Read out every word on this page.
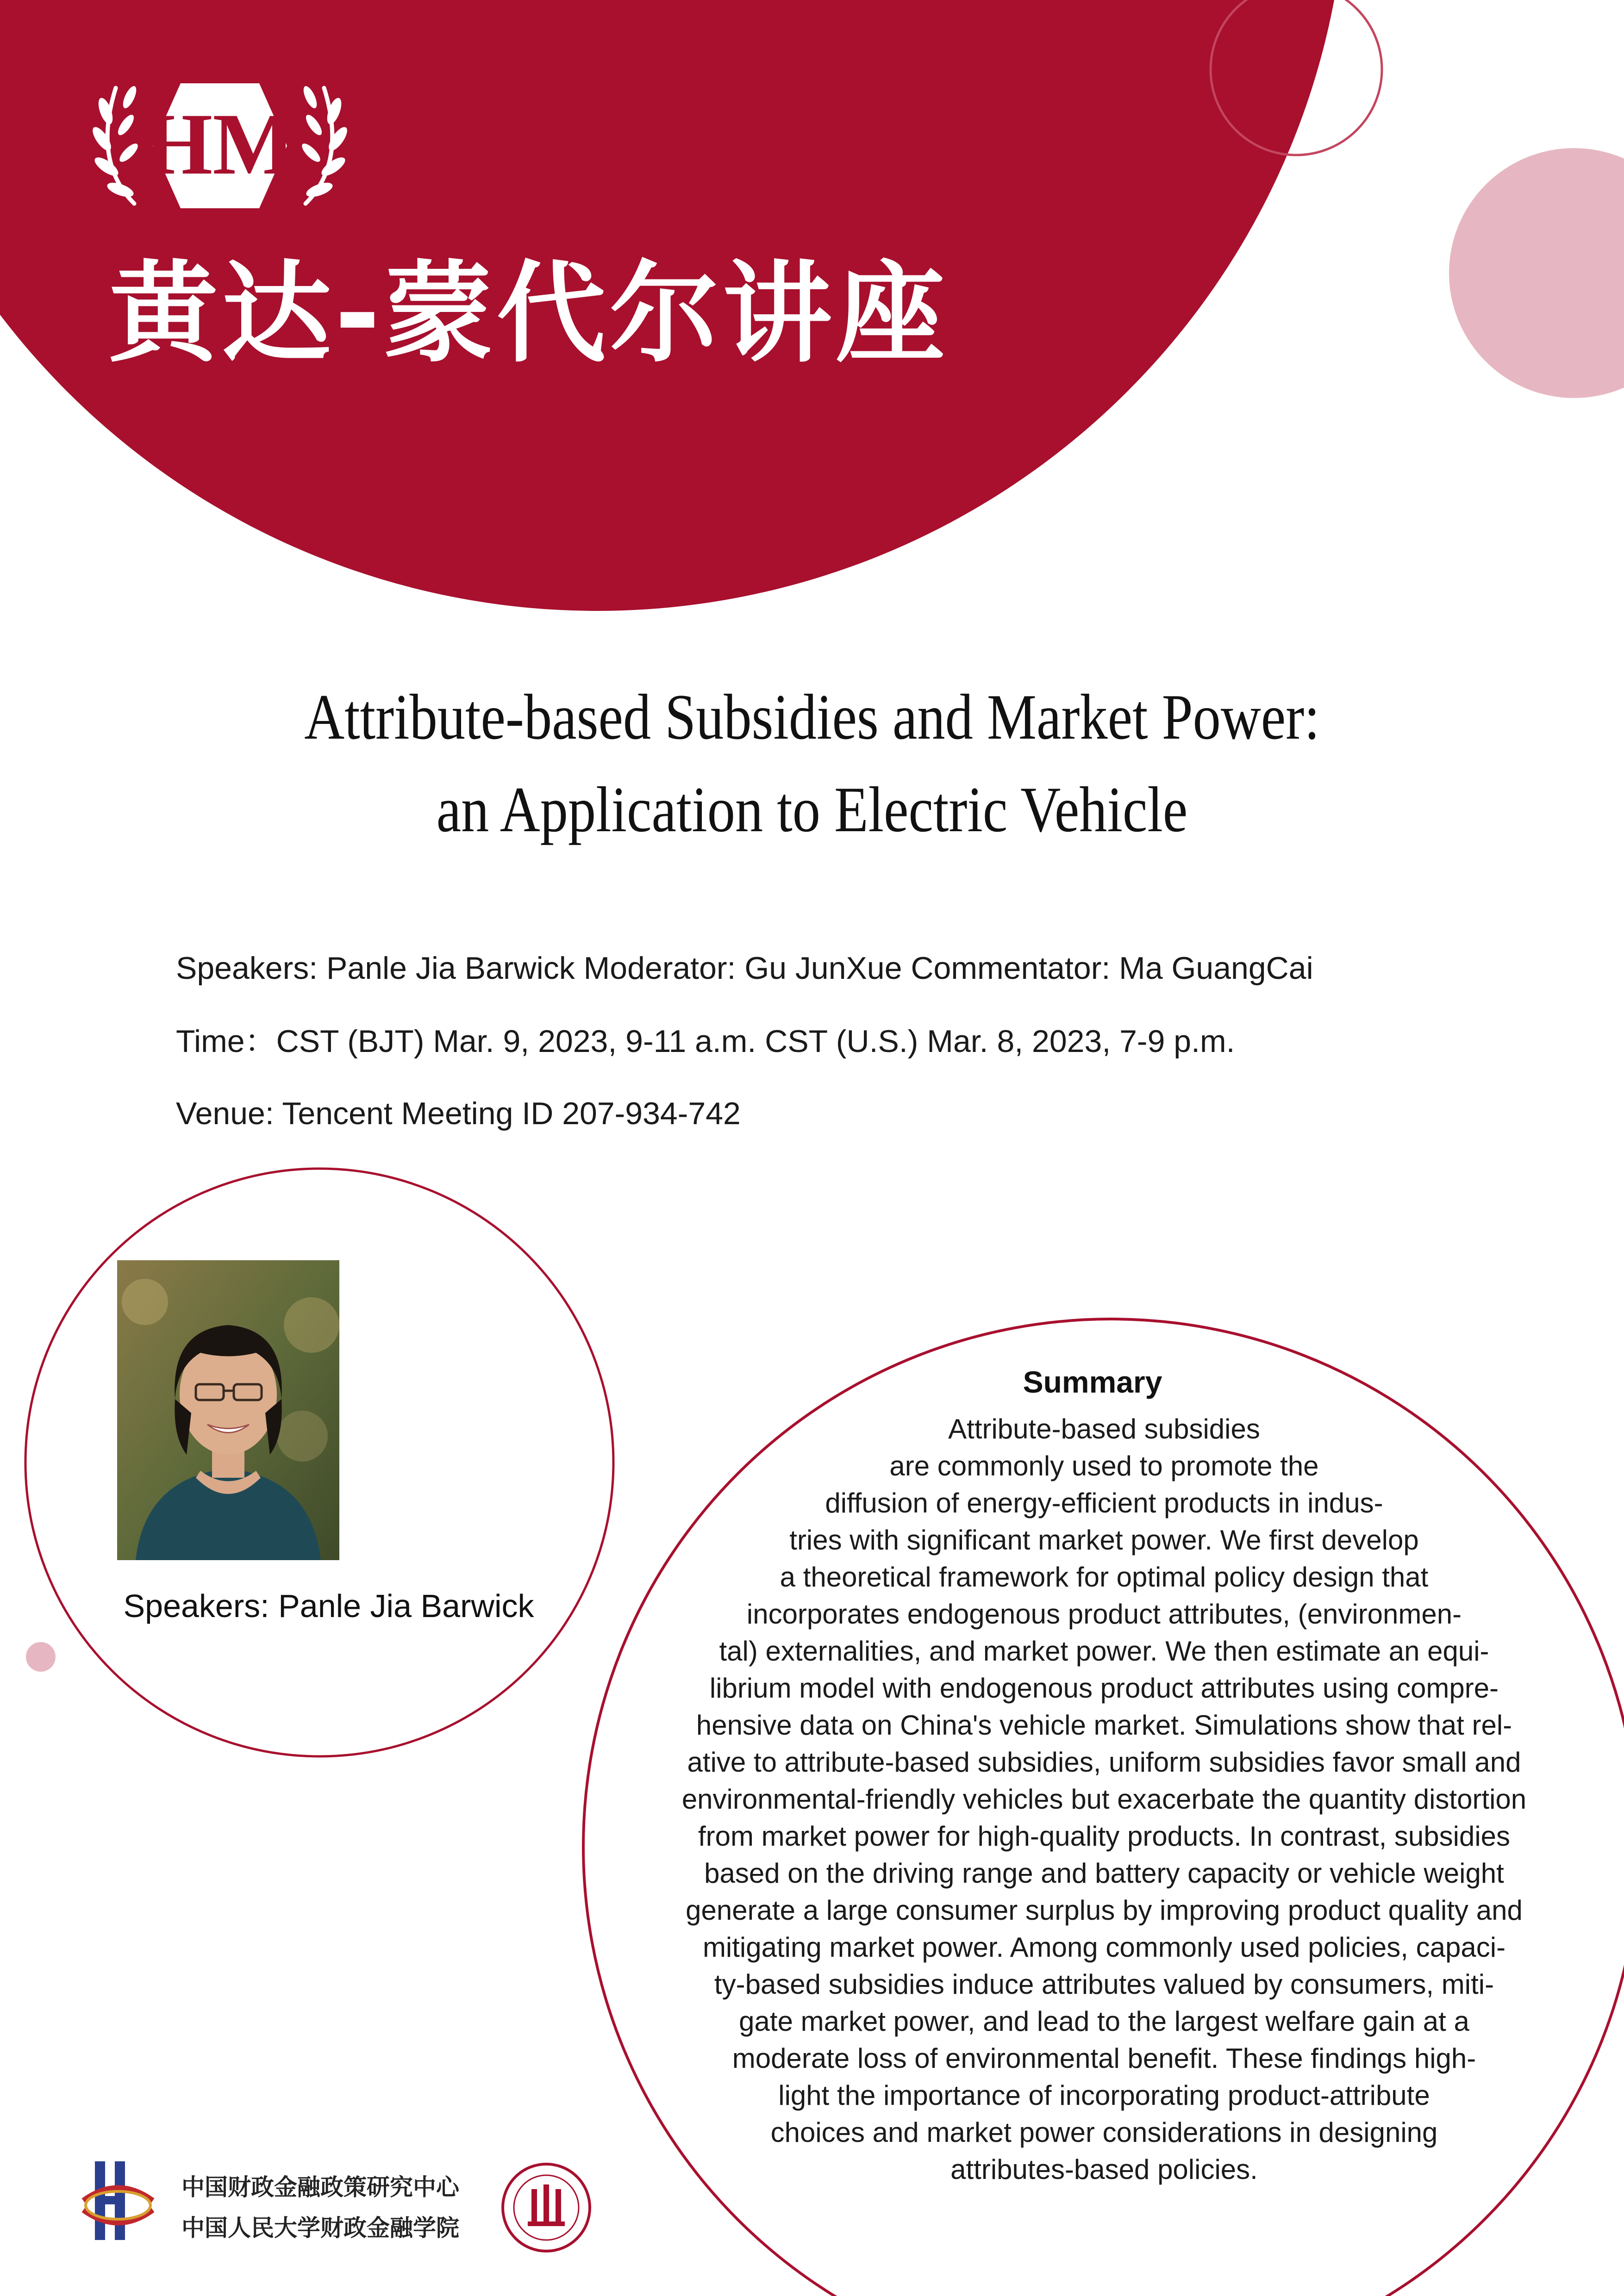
HM
黄达-蒙代尔讲座
Attribute-based Subsidies and Market Power:
an Application to Electric Vehicle
Speakers: Panle Jia Barwick Moderator: Gu JunXue Commentator: Ma GuangCai
Time：CST (BJT) Mar. 9, 2023, 9-11 a.m. CST (U.S.) Mar. 8, 2023, 7-9 p.m.
Venue: Tencent Meeting ID 207-934-742
Speakers: Panle Jia Barwick
Summary
Attribute-based subsidies
are commonly used to promote the
diffusion of energy-efficient products in indus-
tries with significant market power. We first develop
a theoretical framework for optimal policy design that
incorporates endogenous product attributes, (environmen-
tal) externalities, and market power. We then estimate an equi-
librium model with endogenous product attributes using compre-
hensive data on China's vehicle market. Simulations show that rel-
ative to attribute-based subsidies, uniform subsidies favor small and
environmental-friendly vehicles but exacerbate the quantity distortion
from market power for high-quality products. In contrast, subsidies
based on the driving range and battery capacity or vehicle weight
generate a large consumer surplus by improving product quality and
mitigating market power. Among commonly used policies, capaci-
ty-based subsidies induce attributes valued by consumers, miti-
gate market power, and lead to the largest welfare gain at a
moderate loss of environmental benefit. These findings high-
light the importance of incorporating product-attribute
choices and market power considerations in designing
attributes-based policies.
中国财政金融政策研究中心
中国人民大学财政金融学院
